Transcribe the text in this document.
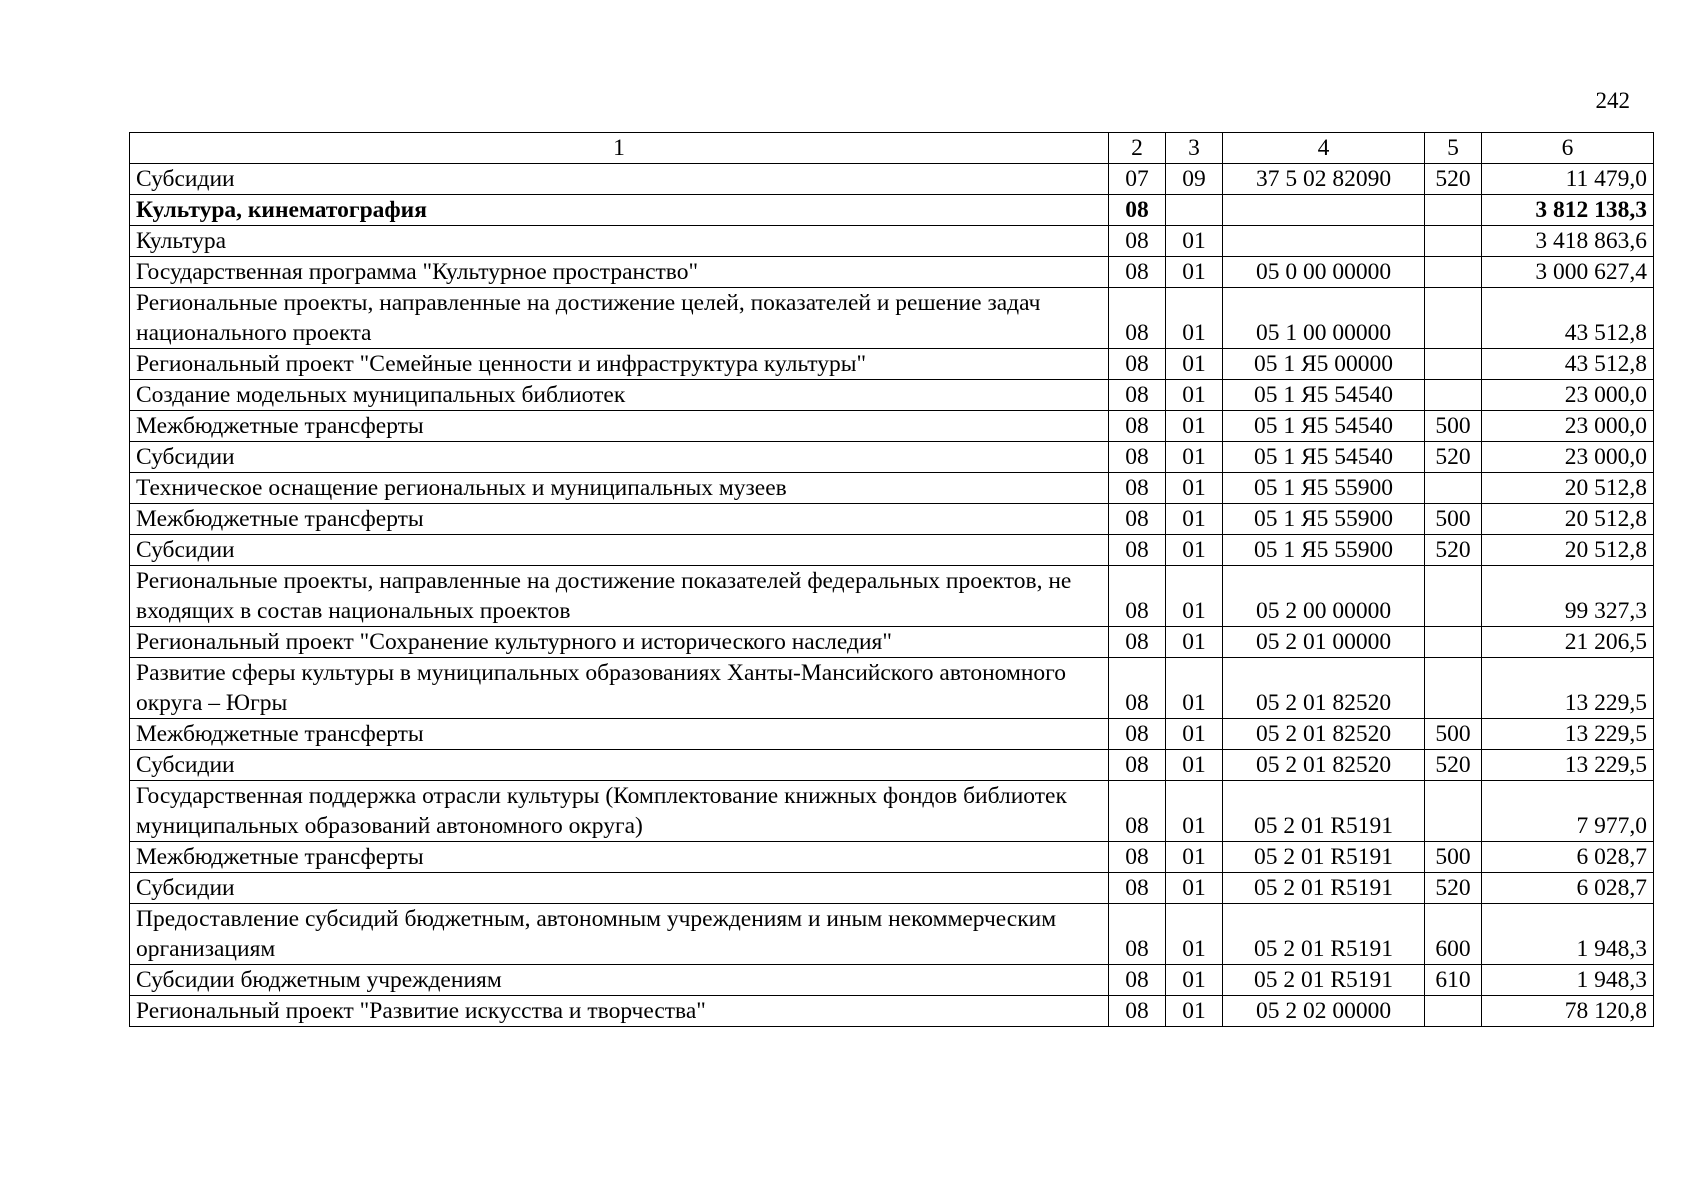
242
1	2	3	4	5	6
Субсидии	07	09	37 5 02 82090	520	11 479,0
Культура, кинематография	08				3 812 138,3
Культура	08	01			3 418 863,6
Государственная программа "Культурное пространство"	08	01	05 0 00 00000		3 000 627,4
Региональные проекты, направленные на достижение целей, показателей и решение задач национального проекта	08	01	05 1 00 00000		43 512,8
Региональный проект "Семейные ценности и инфраструктура культуры"	08	01	05 1 Я5 00000		43 512,8
Создание модельных муниципальных библиотек	08	01	05 1 Я5 54540		23 000,0
Межбюджетные трансферты	08	01	05 1 Я5 54540	500	23 000,0
Субсидии	08	01	05 1 Я5 54540	520	23 000,0
Техническое оснащение региональных и муниципальных музеев	08	01	05 1 Я5 55900		20 512,8
Межбюджетные трансферты	08	01	05 1 Я5 55900	500	20 512,8
Субсидии	08	01	05 1 Я5 55900	520	20 512,8
Региональные проекты, направленные на достижение показателей федеральных проектов, не входящих в состав национальных проектов	08	01	05 2 00 00000		99 327,3
Региональный проект "Сохранение культурного и исторического наследия"	08	01	05 2 01 00000		21 206,5
Развитие сферы культуры в муниципальных образованиях Ханты-Мансийского автономного округа – Югры	08	01	05 2 01 82520		13 229,5
Межбюджетные трансферты	08	01	05 2 01 82520	500	13 229,5
Субсидии	08	01	05 2 01 82520	520	13 229,5
Государственная поддержка отрасли культуры (Комплектование книжных фондов библиотек муниципальных образований автономного округа)	08	01	05 2 01 R5191		7 977,0
Межбюджетные трансферты	08	01	05 2 01 R5191	500	6 028,7
Субсидии	08	01	05 2 01 R5191	520	6 028,7
Предоставление субсидий бюджетным, автономным учреждениям и иным некоммерческим организациям	08	01	05 2 01 R5191	600	1 948,3
Субсидии бюджетным учреждениям	08	01	05 2 01 R5191	610	1 948,3
Региональный проект "Развитие искусства и творчества"	08	01	05 2 02 00000		78 120,8
